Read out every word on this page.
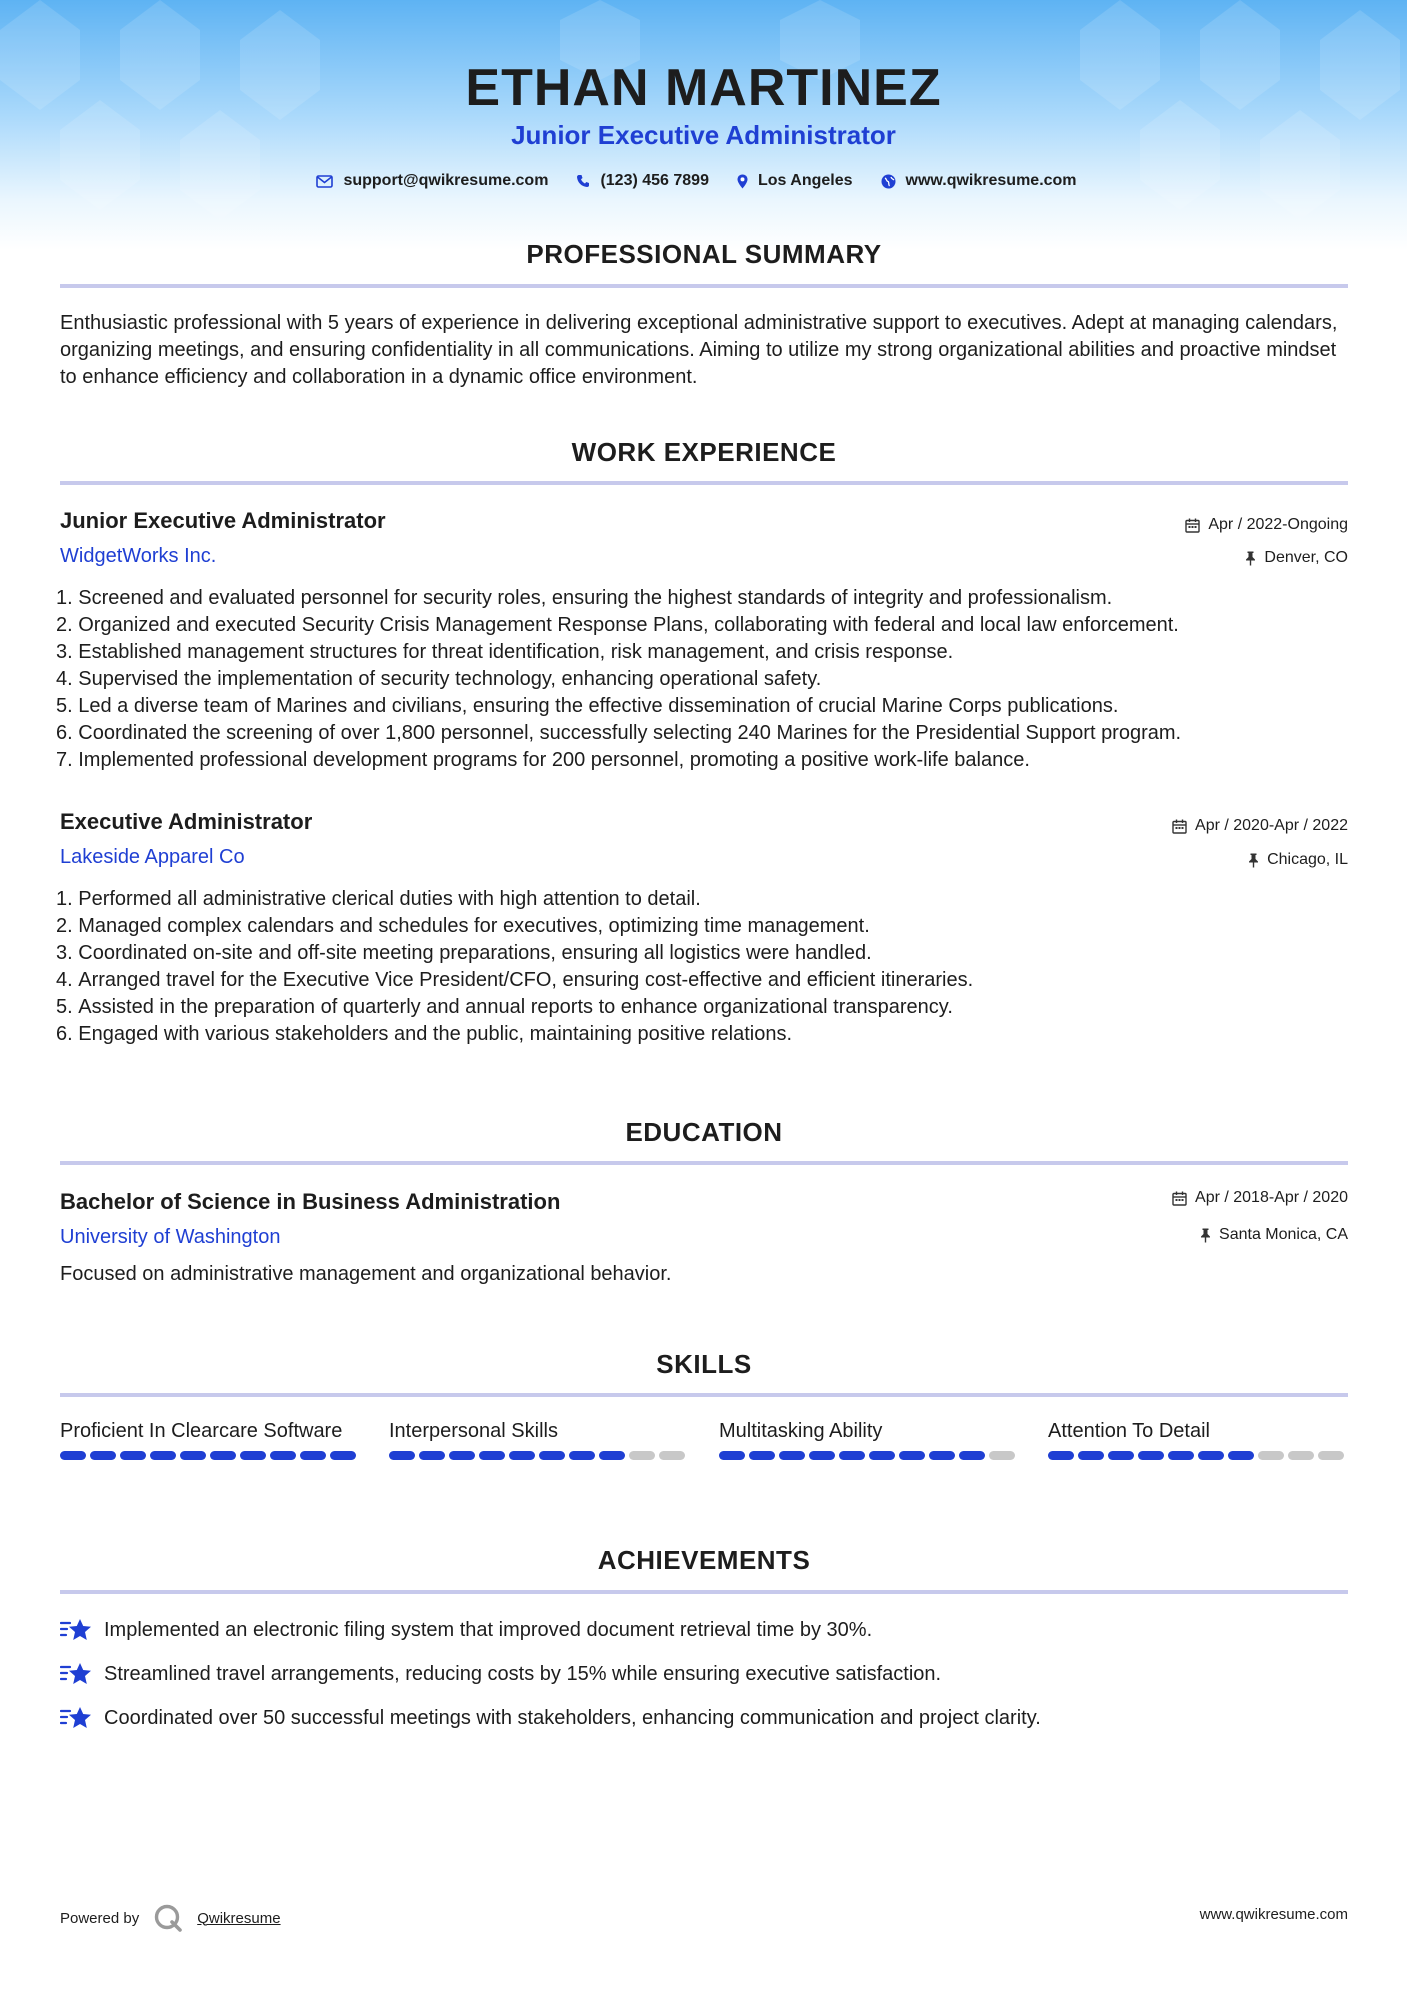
ETHAN MARTINEZ
Junior Executive Administrator
support@qwikresume.com	(123) 456 7899	Los Angeles	www.qwikresume.com
PROFESSIONAL SUMMARY
Enthusiastic professional with 5 years of experience in delivering exceptional administrative support to executives. Adept at managing calendars, organizing meetings, and ensuring confidentiality in all communications. Aiming to utilize my strong organizational abilities and proactive mindset to enhance efficiency and collaboration in a dynamic office environment.
WORK EXPERIENCE
Junior Executive Administrator
WidgetWorks Inc.
Apr / 2022-Ongoing
Denver, CO
1. Screened and evaluated personnel for security roles, ensuring the highest standards of integrity and professionalism.
2. Organized and executed Security Crisis Management Response Plans, collaborating with federal and local law enforcement.
3. Established management structures for threat identification, risk management, and crisis response.
4. Supervised the implementation of security technology, enhancing operational safety.
5. Led a diverse team of Marines and civilians, ensuring the effective dissemination of crucial Marine Corps publications.
6. Coordinated the screening of over 1,800 personnel, successfully selecting 240 Marines for the Presidential Support program.
7. Implemented professional development programs for 200 personnel, promoting a positive work-life balance.
Executive Administrator
Lakeside Apparel Co
Apr / 2020-Apr / 2022
Chicago, IL
1. Performed all administrative clerical duties with high attention to detail.
2. Managed complex calendars and schedules for executives, optimizing time management.
3. Coordinated on-site and off-site meeting preparations, ensuring all logistics were handled.
4. Arranged travel for the Executive Vice President/CFO, ensuring cost-effective and efficient itineraries.
5. Assisted in the preparation of quarterly and annual reports to enhance organizational transparency.
6. Engaged with various stakeholders and the public, maintaining positive relations.
EDUCATION
Bachelor of Science in Business Administration
University of Washington
Apr / 2018-Apr / 2020
Santa Monica, CA
Focused on administrative management and organizational behavior.
SKILLS
Proficient In Clearcare Software	Interpersonal Skills	Multitasking Ability	Attention To Detail
ACHIEVEMENTS
Implemented an electronic filing system that improved document retrieval time by 30%.
Streamlined travel arrangements, reducing costs by 15% while ensuring executive satisfaction.
Coordinated over 50 successful meetings with stakeholders, enhancing communication and project clarity.
Powered by	Qwikresume	www.qwikresume.com
